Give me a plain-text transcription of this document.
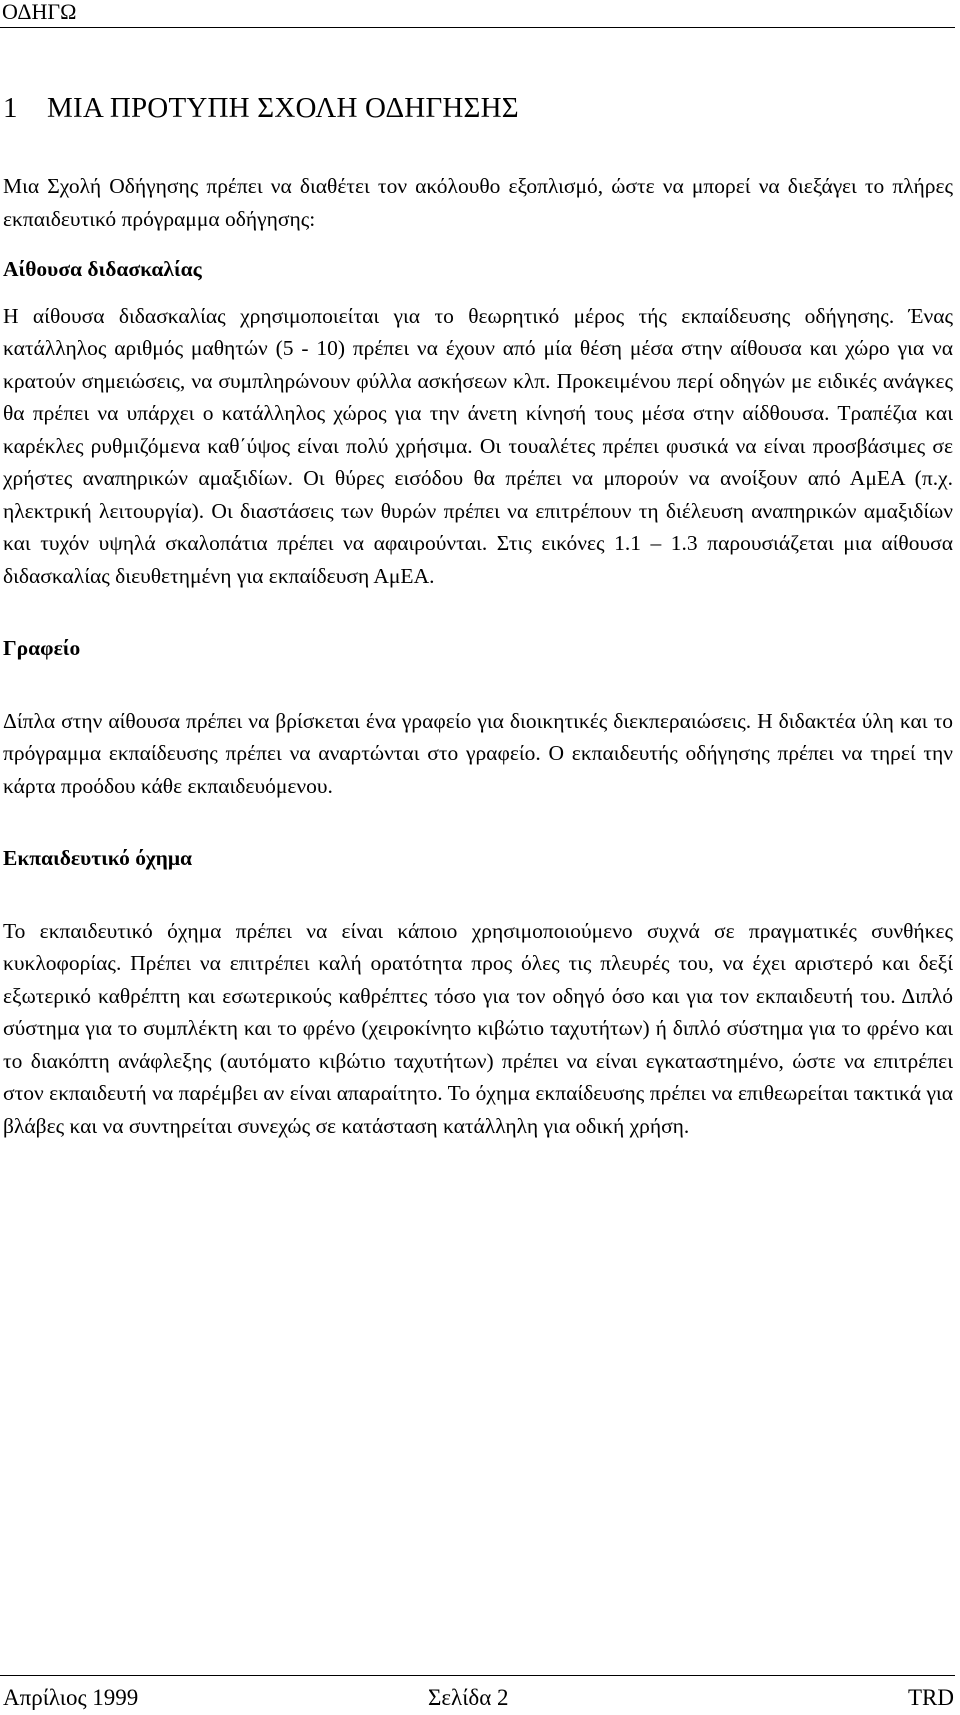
ΟΔΗΓΩ
1 ΜΙΑ ΠΡΟΤΥΠΗ ΣΧΟΛΗ ΟΔΗΓΗΣΗΣ

Μια Σχολή Οδήγησης πρέπει να διαθέτει τον ακόλουθο εξοπλισμό, ώστε να μπορεί να διεξάγει το πλήρες εκπαιδευτικό πρόγραμμα οδήγησης:

Αίθουσα διδασκαλίας

Η αίθουσα διδασκαλίας χρησιμοποιείται για το θεωρητικό μέρος τής εκπαίδευσης οδήγησης. Ένας κατάλληλος αριθμός μαθητών (5 - 10) πρέπει να έχουν από μία θέση μέσα στην αίθουσα και χώρο για να κρατούν σημειώσεις, να συμπληρώνουν φύλλα ασκήσεων κλπ. Προκειμένου περί οδηγών με ειδικές ανάγκες θα πρέπει να υπάρχει ο κατάλληλος χώρος για την άνετη κίνησή τους μέσα στην αίδθουσα. Τραπέζια και καρέκλες ρυθμιζόμενα καθ΄ύψος είναι πολύ χρήσιμα. Οι τουαλέτες πρέπει φυσικά να είναι προσβάσιμες σε χρήστες αναπηρικών αμαξιδίων. Οι θύρες εισόδου θα πρέπει να μπορούν να ανοίξουν από ΑμΕΑ (π.χ. ηλεκτρική λειτουργία). Οι διαστάσεις των θυρών πρέπει να επιτρέπουν τη διέλευση αναπηρικών αμαξιδίων και τυχόν υψηλά σκαλοπάτια πρέπει να αφαιρούνται. Στις εικόνες 1.1 – 1.3 παρουσιάζεται μια αίθουσα διδασκαλίας διευθετημένη για εκπαίδευση ΑμΕΑ.

Γραφείο

Δίπλα στην αίθουσα πρέπει να βρίσκεται ένα γραφείο για διοικητικές διεκπεραιώσεις. Η διδακτέα ύλη και το πρόγραμμα εκπαίδευσης πρέπει να αναρτώνται στο γραφείο. Ο εκπαιδευτής οδήγησης πρέπει να τηρεί την κάρτα προόδου κάθε εκπαιδευόμενου.

Εκπαιδευτικό όχημα

Το εκπαιδευτικό όχημα πρέπει να είναι κάποιο χρησιμοποιούμενο συχνά σε πραγματικές συνθήκες κυκλοφορίας. Πρέπει να επιτρέπει καλή ορατότητα προς όλες τις πλευρές του, να έχει αριστερό και δεξί εξωτερικό καθρέπτη και εσωτερικούς καθρέπτες τόσο για τον οδηγό όσο και για τον εκπαιδευτή του. Διπλό σύστημα για το συμπλέκτη και το φρένο (χειροκίνητο κιβώτιο ταχυτήτων) ή διπλό σύστημα για το φρένο και το διακόπτη ανάφλεξης (αυτόματο κιβώτιο ταχυτήτων) πρέπει να είναι εγκαταστημένο, ώστε να επιτρέπει στον εκπαιδευτή να παρέμβει αν είναι απαραίτητο. Το όχημα εκπαίδευσης πρέπει να επιθεωρείται τακτικά για βλάβες και να συντηρείται συνεχώς σε κατάσταση κατάλληλη για οδική χρήση.

Απρίλιος 1999	Σελίδα 2	TRD
